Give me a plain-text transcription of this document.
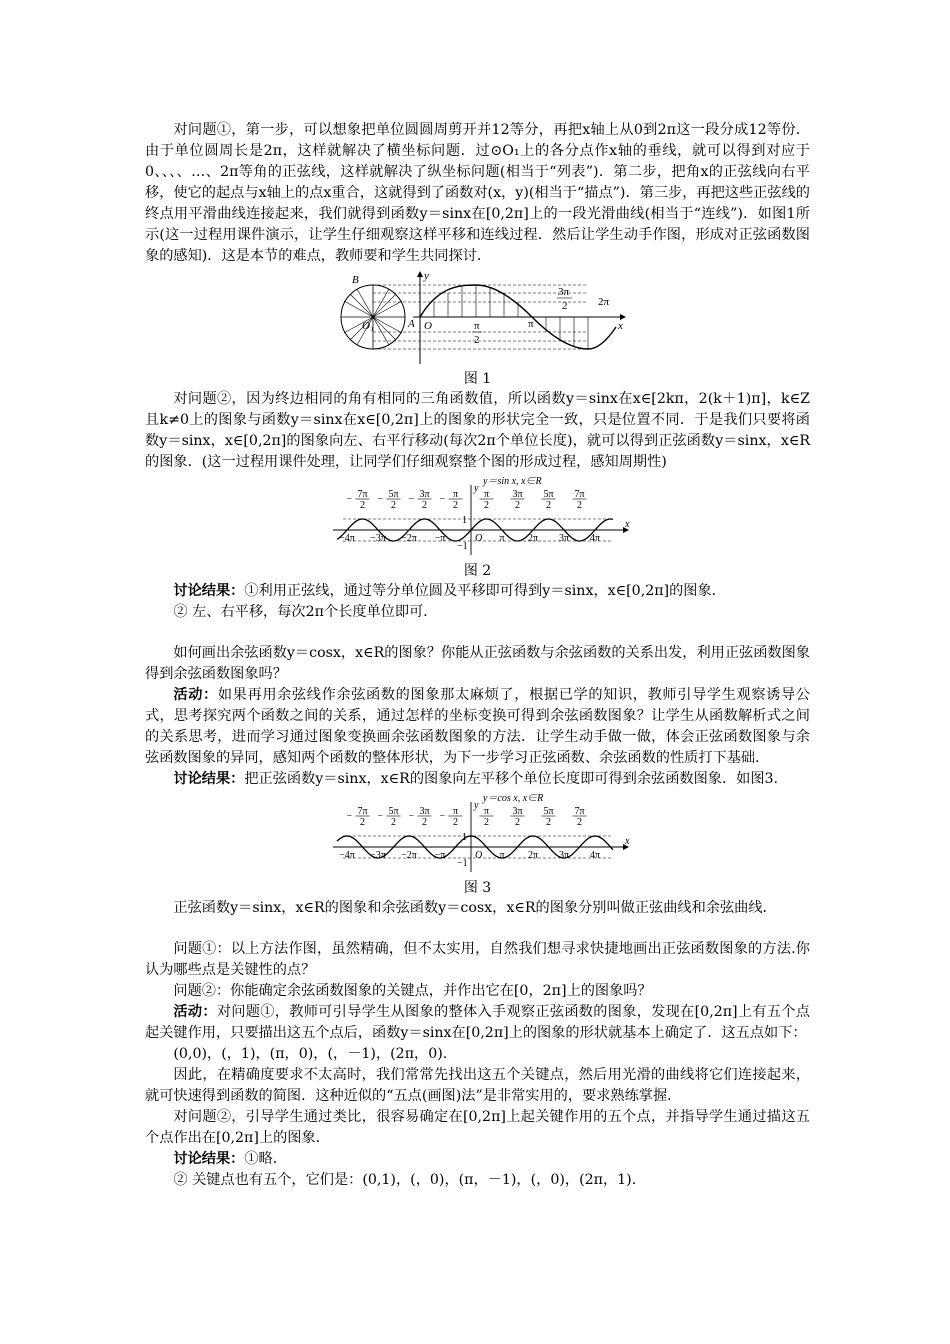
对问题①，第一步，可以想象把单位圆圆周剪开并12等分，再把x轴上从0到2π这一段分成12等份．由于单位圆周长是2π，这样就解决了横坐标问题．过⊙O₁上的各分点作x轴的垂线，就可以得到对应于0、、、、…、2π等角的正弦线，这样就解决了纵坐标问题(相当于“列表”)．第二步，把角x的正弦线向右平移，使它的起点与x轴上的点x重合，这就得到了函数对(x，y)(相当于“描点”)．第三步，再把这些正弦线的终点用平滑曲线连接起来，我们就得到函数y＝sinx在[0,2π]上的一段光滑曲线(相当于“连线”)．如图1所示(这一过程用课件演示，让学生仔细观察这样平移和连线过程．然后让学生动手作图，形成对正弦函数图象的感知)．这是本节的难点，教师要和学生共同探讨．

B
A
O₁	O
y
x
π
3π
2	2π
π
2
图 1

对问题②，因为终边相同的角有相同的三角函数值，所以函数y＝sinx在x∈[2kπ，2(k＋1)π]，k∈Z且k≠0上的图象与函数y＝sinx在x∈[0,2π]上的图象的形状完全一致，只是位置不同．于是我们只要将函数y＝sinx，x∈[0,2π]的图象向左、右平行移动(每次2π个单位长度)，就可以得到正弦函数y＝sinx，x∈R的图象．(这一过程用课件处理，让同学们仔细观察整个图的形成过程，感知周期性)

y＝sin x, x∈R
− 7π
2
− 5π
2
− 3π
2
− π
2
π
2
3π
2
5π
2
7π
2
−4π −3π −2π −π	O π 2π 3π 4π
x
y
1
−1
图 2

讨论结果：①利用正弦线，通过等分单位圆及平移即可得到y＝sinx，x∈[0,2π]的图象．

② 左、右平移，每次2π个长度单位即可．

如何画出余弦函数y＝cosx，x∈R的图象？你能从正弦函数与余弦函数的关系出发，利用正弦函数图象得到余弦函数图象吗？

活动：如果再用余弦线作余弦函数的图象那太麻烦了，根据已学的知识，教师引导学生观察诱导公式，思考探究两个函数之间的关系，通过怎样的坐标变换可得到余弦函数图象？让学生从函数解析式之间的关系思考，进而学习通过图象变换画余弦函数图象的方法．让学生动手做一做，体会正弦函数图象与余弦函数图象的异同，感知两个函数的整体形状，为下一步学习正弦函数、余弦函数的性质打下基础．

讨论结果：把正弦函数y＝sinx，x∈R的图象向左平移个单位长度即可得到余弦函数图象．如图3.

y＝cos x, x∈R
− 7π
2
− 5π
2
− 3π
2
− π
2
π
2
3π
2
5π
2
7π
2
−4π −3π −2π −π	O π 2π 3π 4π
x
y
1
−1
图 3

正弦函数y＝sinx，x∈R的图象和余弦函数y＝cosx，x∈R的图象分别叫做正弦曲线和余弦曲线．

问题①：以上方法作图，虽然精确，但不太实用，自然我们想寻求快捷地画出正弦函数图象的方法.你认为哪些点是关键性的点？

问题②：你能确定余弦函数图象的关键点，并作出它在[0，2π]上的图象吗？

活动：对问题①，教师可引导学生从图象的整体入手观察正弦函数的图象，发现在[0,2π]上有五个点起关键作用，只要描出这五个点后，函数y＝sinx在[0,2π]上的图象的形状就基本上确定了．这五点如下：

(0,0)，(，1)，(π，0)，(，－1)，(2π，0).

因此，在精确度要求不太高时，我们常常先找出这五个关键点，然后用光滑的曲线将它们连接起来，就可快速得到函数的简图．这种近似的“五点(画图)法”是非常实用的，要求熟练掌握．

对问题②，引导学生通过类比，很容易确定在[0,2π]上起关键作用的五个点，并指导学生通过描这五个点作出在[0,2π]上的图象．

讨论结果：①略．

② 关键点也有五个，它们是：(0,1)，(，0)，(π，－1)，(，0)，(2π，1).
